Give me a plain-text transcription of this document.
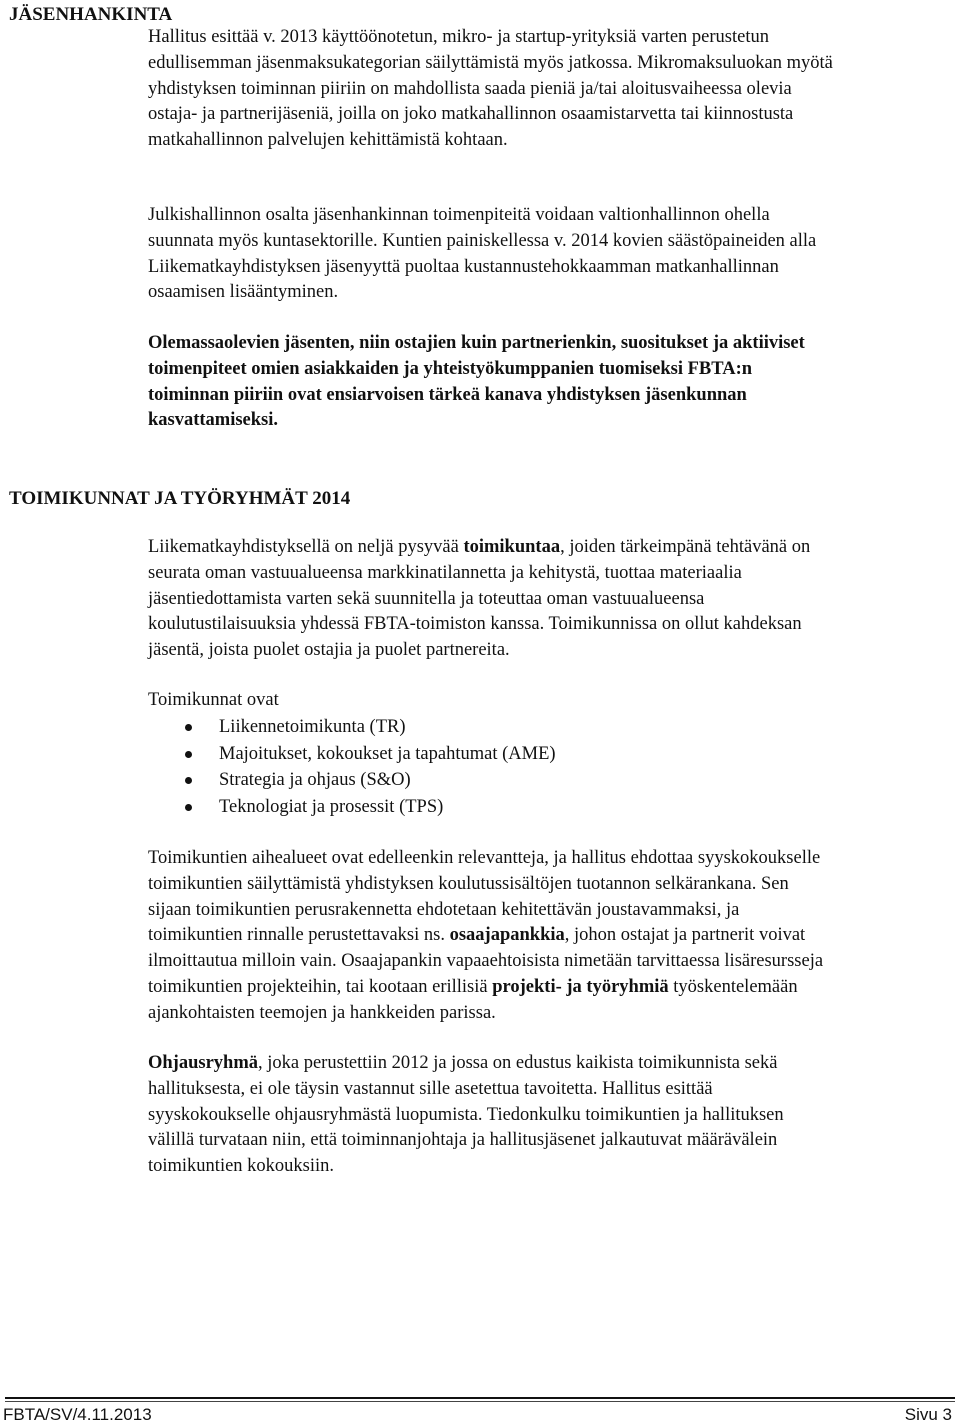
JÄSENHANKINTA

Hallitus esittää v. 2013 käyttöönotetun, mikro- ja startup-yrityksiä varten perustetun
edullisemman jäsenmaksukategorian säilyttämistä myös jatkossa. Mikromaksuluokan myötä
yhdistyksen toiminnan piiriin on mahdollista saada pieniä ja/tai aloitusvaiheessa olevia
ostaja- ja partnerijäseniä, joilla on joko matkahallinnon osaamistarvetta tai kiinnostusta
matkahallinnon palvelujen kehittämistä kohtaan.

Julkishallinnon osalta jäsenhankinnan toimenpiteitä voidaan valtionhallinnon ohella
suunnata myös kuntasektorille. Kuntien painiskellessa v. 2014 kovien säästöpaineiden alla
Liikematkayhdistyksen jäsenyyttä puoltaa kustannustehokkaamman matkanhallinnan
osaamisen lisääntyminen.

Olemassaolevien jäsenten, niin ostajien kuin partnerienkin, suositukset ja aktiiviset
toimenpiteet omien asiakkaiden ja yhteistyökumppanien tuomiseksi FBTA:n
toiminnan piiriin ovat ensiarvoisen tärkeä kanava yhdistyksen jäsenkunnan
kasvattamiseksi.

TOIMIKUNNAT JA TYÖRYHMÄT 2014

Liikematkayhdistyksellä on neljä pysyvää toimikuntaa, joiden tärkeimpänä tehtävänä on
seurata oman vastuualueensa markkinatilannetta ja kehitystä, tuottaa materiaalia
jäsentiedottamista varten sekä suunnitella ja toteuttaa oman vastuualueensa
koulutustilaisuuksia yhdessä FBTA-toimiston kanssa. Toimikunnissa on ollut kahdeksan
jäsentä, joista puolet ostajia ja puolet partnereita.

Toimikunnat ovat

Liikennetoimikunta (TR)
Majoitukset, kokoukset ja tapahtumat (AME)
Strategia ja ohjaus (S&O)
Teknologiat ja prosessit (TPS)

Toimikuntien aihealueet ovat edelleenkin relevantteja, ja hallitus ehdottaa syyskokoukselle
toimikuntien säilyttämistä yhdistyksen koulutussisältöjen tuotannon selkärankana. Sen
sijaan toimikuntien perusrakennetta ehdotetaan kehitettävän joustavammaksi, ja
toimikuntien rinnalle perustettavaksi ns. osaajapankkia, johon ostajat ja partnerit voivat
ilmoittautua milloin vain. Osaajapankin vapaaehtoisista nimetään tarvittaessa lisäresursseja
toimikuntien projekteihin, tai kootaan erillisiä projekti- ja työryhmiä työskentelemään
ajankohtaisten teemojen ja hankkeiden parissa.

Ohjausryhmä, joka perustettiin 2012 ja jossa on edustus kaikista toimikunnista sekä
hallituksesta, ei ole täysin vastannut sille asetettua tavoitetta. Hallitus esittää
syyskokoukselle ohjausryhmästä luopumista. Tiedonkulku toimikuntien ja hallituksen
välillä turvataan niin, että toiminnanjohtaja ja hallitusjäsenet jalkautuvat määrävälein
toimikuntien kokouksiin.

FBTA/SV/4.11.2013	Sivu 3
